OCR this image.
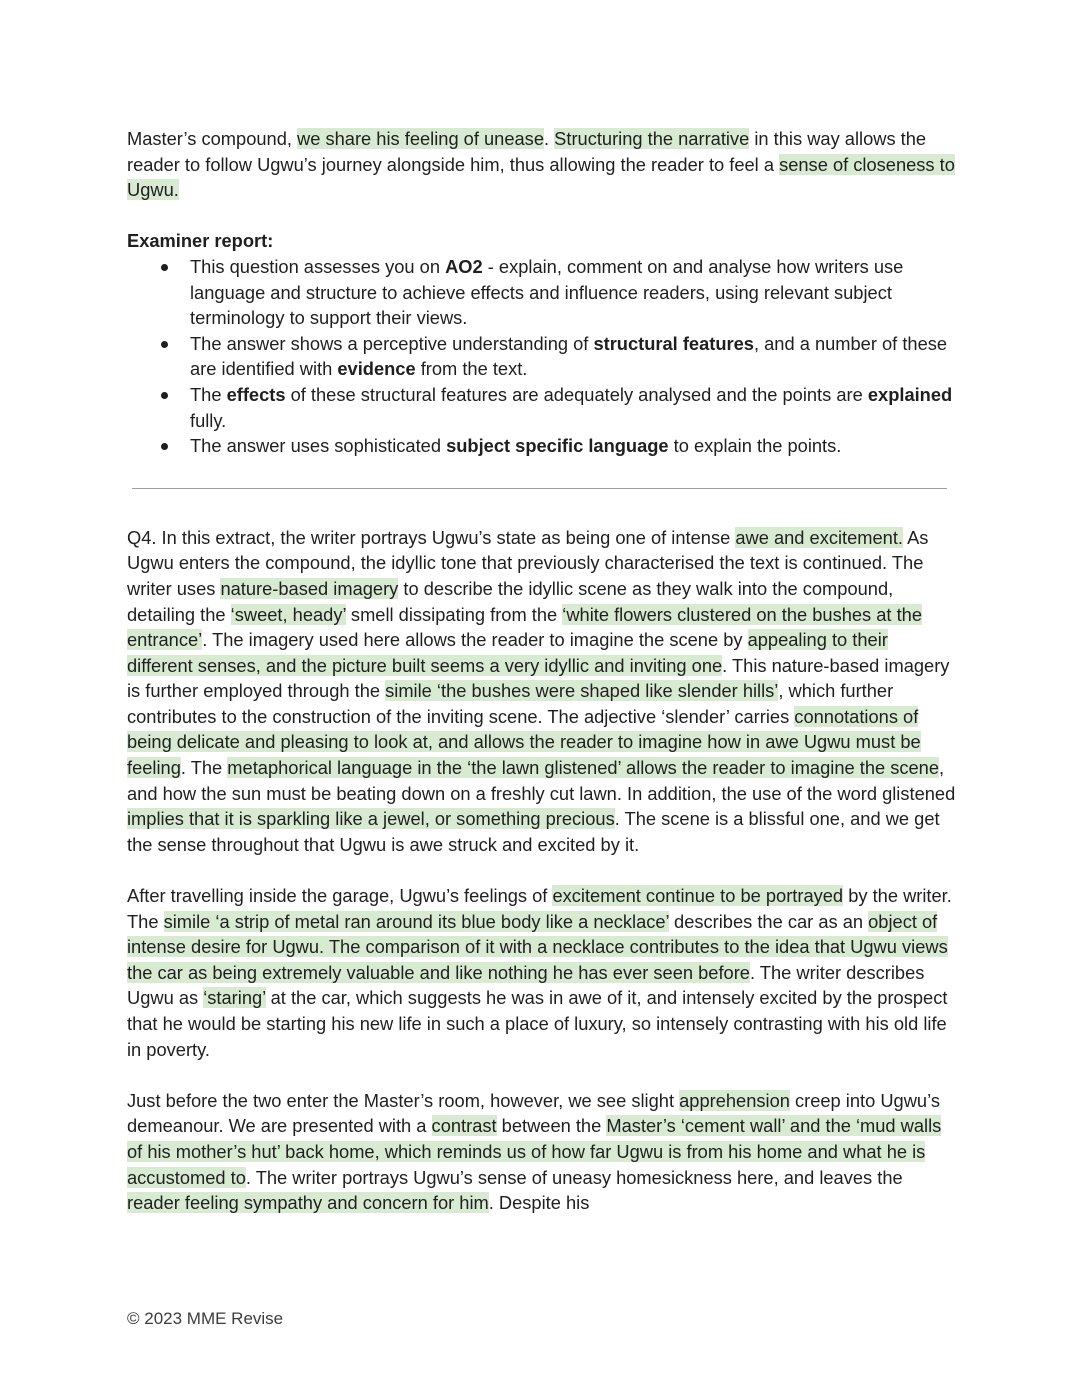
Master’s compound, we share his feeling of unease. Structuring the narrative in this way allows the reader to follow Ugwu’s journey alongside him, thus allowing the reader to feel a sense of closeness to Ugwu.

Examiner report:

This question assesses you on AO2 - explain, comment on and analyse how writers use language and structure to achieve effects and influence readers, using relevant subject terminology to support their views.
The answer shows a perceptive understanding of structural features, and a number of these are identified with evidence from the text.
The effects of these structural features are adequately analysed and the points are explained fully.
The answer uses sophisticated subject specific language to explain the points.

Q4. In this extract, the writer portrays Ugwu’s state as being one of intense awe and excitement. As Ugwu enters the compound, the idyllic tone that previously characterised the text is continued. The writer uses nature-based imagery to describe the idyllic scene as they walk into the compound, detailing the ‘sweet, heady’ smell dissipating from the ‘white flowers clustered on the bushes at the entrance’. The imagery used here allows the reader to imagine the scene by appealing to their different senses, and the picture built seems a very idyllic and inviting one. This nature-based imagery is further employed through the simile ‘the bushes were shaped like slender hills’, which further contributes to the construction of the inviting scene. The adjective ‘slender’ carries connotations of being delicate and pleasing to look at, and allows the reader to imagine how in awe Ugwu must be feeling. The metaphorical language in the ‘the lawn glistened’ allows the reader to imagine the scene, and how the sun must be beating down on a freshly cut lawn. In addition, the use of the word glistened implies that it is sparkling like a jewel, or something precious. The scene is a blissful one, and we get the sense throughout that Ugwu is awe struck and excited by it.

After travelling inside the garage, Ugwu’s feelings of excitement continue to be portrayed by the writer. The simile ‘a strip of metal ran around its blue body like a necklace’ describes the car as an object of intense desire for Ugwu. The comparison of it with a necklace contributes to the idea that Ugwu views the car as being extremely valuable and like nothing he has ever seen before. The writer describes Ugwu as ‘staring’ at the car, which suggests he was in awe of it, and intensely excited by the prospect that he would be starting his new life in such a place of luxury, so intensely contrasting with his old life in poverty.

Just before the two enter the Master’s room, however, we see slight apprehension creep into Ugwu’s demeanour. We are presented with a contrast between the Master’s ‘cement wall’ and the ‘mud walls of his mother’s hut’ back home, which reminds us of how far Ugwu is from his home and what he is accustomed to. The writer portrays Ugwu’s sense of uneasy homesickness here, and leaves the reader feeling sympathy and concern for him. Despite his

© 2023 MME Revise
